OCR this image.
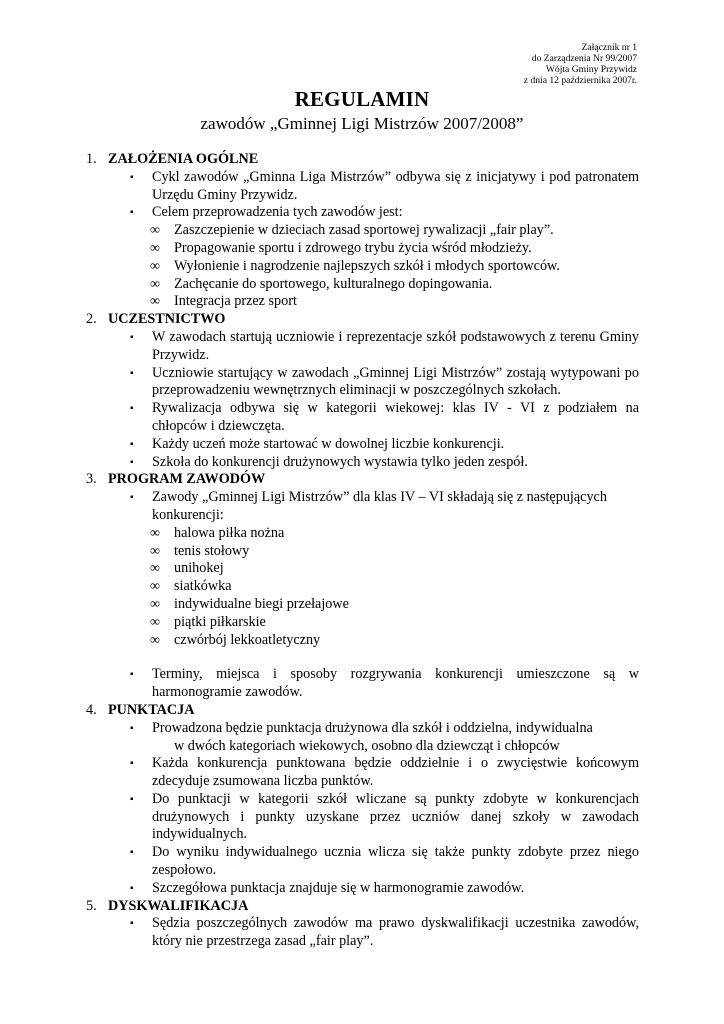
Załącznik nr 1
do Zarządzenia Nr 99/2007
Wójta Gminy Przywidz
z dnia 12 października 2007r.
REGULAMIN
zawodów „Gminnej Ligi Mistrzów 2007/2008”
1. ZAŁOŻENIA OGÓLNE
▪ Cykl zawodów „Gminna Liga Mistrzów” odbywa się z inicjatywy i pod patronatem Urzędu Gminy Przywidz.
▪ Celem przeprowadzenia tych zawodów jest:
∞ Zaszczepienie w dzieciach zasad sportowej rywalizacji „fair play”.
∞ Propagowanie sportu i zdrowego trybu życia wśród młodzieży.
∞ Wyłonienie i nagrodzenie najlepszych szkół i młodych sportowców.
∞ Zachęcanie do sportowego, kulturalnego dopingowania.
∞ Integracja przez sport
2. UCZESTNICTWO
▪ W zawodach startują uczniowie i reprezentacje szkół podstawowych z terenu Gminy Przywidz.
▪ Uczniowie startujący w zawodach „Gminnej Ligi Mistrzów” zostają wytypowani po przeprowadzeniu wewnętrznych eliminacji w poszczególnych szkołach.
▪ Rywalizacja odbywa się w kategorii wiekowej: klas IV - VI z podziałem na chłopców i dziewczęta.
▪ Każdy uczeń może startować w dowolnej liczbie konkurencji.
▪ Szkoła do konkurencji drużynowych wystawia tylko jeden zespół.
3. PROGRAM ZAWODÓW
▪ Zawody „Gminnej Ligi Mistrzów” dla klas IV – VI składają się z następujących konkurencji:
∞ halowa piłka nożna
∞ tenis stołowy
∞ unihokej
∞ siatkówka
∞ indywidualne biegi przełajowe
∞ piątki piłkarskie
∞ czwórbój lekkoatletyczny
▪ Terminy, miejsca i sposoby rozgrywania konkurencji umieszczone są w harmonogramie zawodów.
4. PUNKTACJA
▪ Prowadzona będzie punktacja drużynowa dla szkół i oddzielna, indywidualna
w dwóch kategoriach wiekowych, osobno dla dziewcząt i chłopców
▪ Każda konkurencja punktowana będzie oddzielnie i o zwycięstwie końcowym zdecyduje zsumowana liczba punktów.
▪ Do punktacji w kategorii szkół wliczane są punkty zdobyte w konkurencjach drużynowych i punkty uzyskane przez uczniów danej szkoły w zawodach indywidualnych.
▪ Do wyniku indywidualnego ucznia wlicza się także punkty zdobyte przez niego zespołowo.
▪ Szczegółowa punktacja znajduje się w harmonogramie zawodów.
5. DYSKWALIFIKACJA
▪ Sędzia poszczególnych zawodów ma prawo dyskwalifikacji uczestnika zawodów, który nie przestrzega zasad „fair play”.
